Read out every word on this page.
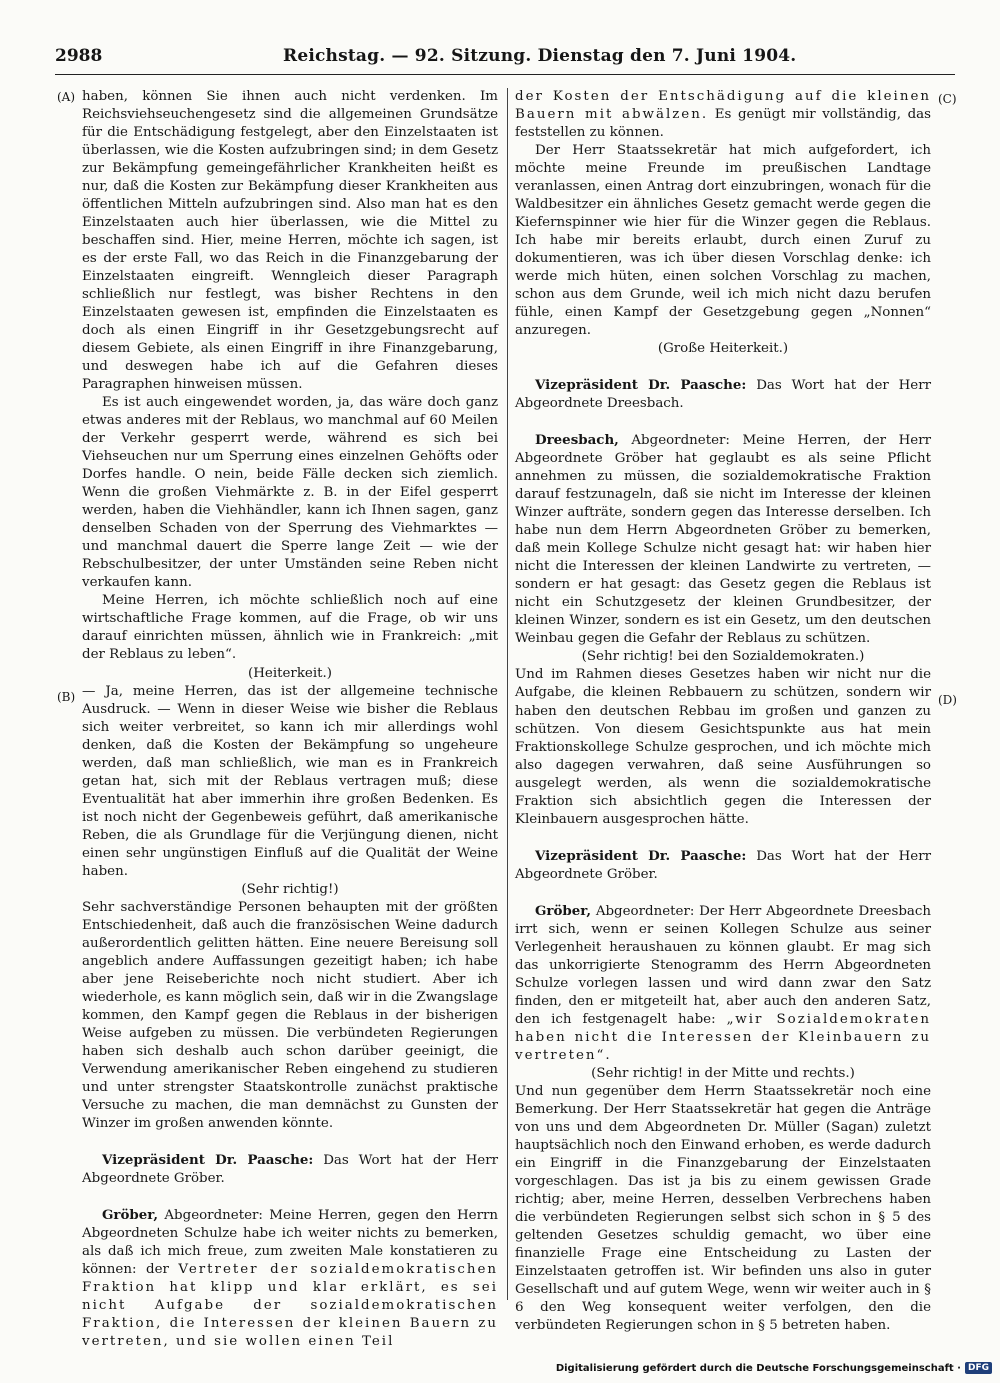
2988	Reichstag. — 92. Sitzung. Dienstag den 7. Juni 1904.
(A)
(B)
(C)
(D)

haben, können Sie ihnen auch nicht verdenken. Im Reichsviehseuchengesetz sind die allgemeinen Grundsätze für die Entschädigung festgelegt, aber den Einzelstaaten ist überlassen, wie die Kosten aufzubringen sind; in dem Gesetz zur Bekämpfung gemeingefährlicher Krankheiten heißt es nur, daß die Kosten zur Bekämpfung dieser Krankheiten aus öffentlichen Mitteln aufzubringen sind. Also man hat es den Einzelstaaten auch hier überlassen, wie die Mittel zu beschaffen sind. Hier, meine Herren, möchte ich sagen, ist es der erste Fall, wo das Reich in die Finanzgebarung der Einzelstaaten eingreift. Wenngleich dieser Paragraph schließlich nur festlegt, was bisher Rechtens in den Einzelstaaten gewesen ist, empfinden die Einzelstaaten es doch als einen Eingriff in ihr Gesetzgebungsrecht auf diesem Gebiete, als einen Eingriff in ihre Finanzgebarung, und deswegen habe ich auf die Gefahren dieses Paragraphen hinweisen müssen.

Es ist auch eingewendet worden, ja, das wäre doch ganz etwas anderes mit der Reblaus, wo manchmal auf 60 Meilen der Verkehr gesperrt werde, während es sich bei Viehseuchen nur um Sperrung eines einzelnen Gehöfts oder Dorfes handle. O nein, beide Fälle decken sich ziemlich. Wenn die großen Viehmärkte z. B. in der Eifel gesperrt werden, haben die Viehhändler, kann ich Ihnen sagen, ganz denselben Schaden von der Sperrung des Viehmarktes — und manchmal dauert die Sperre lange Zeit — wie der Rebschulbesitzer, der unter Umständen seine Reben nicht verkaufen kann.

Meine Herren, ich möchte schließlich noch auf eine wirtschaftliche Frage kommen, auf die Frage, ob wir uns darauf einrichten müssen, ähnlich wie in Frankreich: „mit der Reblaus zu leben“.

(Heiterkeit.)

— Ja, meine Herren, das ist der allgemeine technische Ausdruck. — Wenn in dieser Weise wie bisher die Reblaus sich weiter verbreitet, so kann ich mir allerdings wohl denken, daß die Kosten der Bekämpfung so ungeheure werden, daß man schließlich, wie man es in Frankreich getan hat, sich mit der Reblaus vertragen muß; diese Eventualität hat aber immerhin ihre großen Bedenken. Es ist noch nicht der Gegenbeweis geführt, daß amerikanische Reben, die als Grundlage für die Verjüngung dienen, nicht einen sehr ungünstigen Einfluß auf die Qualität der Weine haben.

(Sehr richtig!)

Sehr sachverständige Personen behaupten mit der größten Entschiedenheit, daß auch die französischen Weine dadurch außerordentlich gelitten hätten. Eine neuere Bereisung soll angeblich andere Auffassungen gezeitigt haben; ich habe aber jene Reiseberichte noch nicht studiert. Aber ich wiederhole, es kann möglich sein, daß wir in die Zwangslage kommen, den Kampf gegen die Reblaus in der bisherigen Weise aufgeben zu müssen. Die verbündeten Regierungen haben sich deshalb auch schon darüber geeinigt, die Verwendung amerikanischer Reben eingehend zu studieren und unter strengster Staatskontrolle zunächst praktische Versuche zu machen, die man demnächst zu Gunsten der Winzer im großen anwenden könnte.

Vizepräsident Dr. Paasche: Das Wort hat der Herr Abgeordnete Gröber.

Gröber, Abgeordneter: Meine Herren, gegen den Herrn Abgeordneten Schulze habe ich weiter nichts zu bemerken, als daß ich mich freue, zum zweiten Male konstatieren zu können: der Vertreter der sozialdemokratischen Fraktion hat klipp und klar erklärt, es sei nicht Aufgabe der sozialdemokratischen Fraktion, die Interessen der kleinen Bauern zu vertreten, und sie wollen einen Teil

der Kosten der Entschädigung auf die kleinen Bauern mit abwälzen. Es genügt mir vollständig, das feststellen zu können.

Der Herr Staatssekretär hat mich aufgefordert, ich möchte meine Freunde im preußischen Landtage veranlassen, einen Antrag dort einzubringen, wonach für die Waldbesitzer ein ähnliches Gesetz gemacht werde gegen die Kiefernspinner wie hier für die Winzer gegen die Reblaus. Ich habe mir bereits erlaubt, durch einen Zuruf zu dokumentieren, was ich über diesen Vorschlag denke: ich werde mich hüten, einen solchen Vorschlag zu machen, schon aus dem Grunde, weil ich mich nicht dazu berufen fühle, einen Kampf der Gesetzgebung gegen „Nonnen“ anzuregen.

(Große Heiterkeit.)

Vizepräsident Dr. Paasche: Das Wort hat der Herr Abgeordnete Dreesbach.

Dreesbach, Abgeordneter: Meine Herren, der Herr Abgeordnete Gröber hat geglaubt es als seine Pflicht annehmen zu müssen, die sozialdemokratische Fraktion darauf festzunageln, daß sie nicht im Interesse der kleinen Winzer aufträte, sondern gegen das Interesse derselben. Ich habe nun dem Herrn Abgeordneten Gröber zu bemerken, daß mein Kollege Schulze nicht gesagt hat: wir haben hier nicht die Interessen der kleinen Landwirte zu vertreten, — sondern er hat gesagt: das Gesetz gegen die Reblaus ist nicht ein Schutzgesetz der kleinen Grundbesitzer, der kleinen Winzer, sondern es ist ein Gesetz, um den deutschen Weinbau gegen die Gefahr der Reblaus zu schützen.

(Sehr richtig! bei den Sozialdemokraten.)

Und im Rahmen dieses Gesetzes haben wir nicht nur die Aufgabe, die kleinen Rebbauern zu schützen, sondern wir haben den deutschen Rebbau im großen und ganzen zu schützen. Von diesem Gesichtspunkte aus hat mein Fraktionskollege Schulze gesprochen, und ich möchte mich also dagegen verwahren, daß seine Ausführungen so ausgelegt werden, als wenn die sozialdemokratische Fraktion sich absichtlich gegen die Interessen der Kleinbauern ausgesprochen hätte.

Vizepräsident Dr. Paasche: Das Wort hat der Herr Abgeordnete Gröber.

Gröber, Abgeordneter: Der Herr Abgeordnete Dreesbach irrt sich, wenn er seinen Kollegen Schulze aus seiner Verlegenheit heraushauen zu können glaubt. Er mag sich das unkorrigierte Stenogramm des Herrn Abgeordneten Schulze vorlegen lassen und wird dann zwar den Satz finden, den er mitgeteilt hat, aber auch den anderen Satz, den ich festgenagelt habe: „wir Sozialdemokraten haben nicht die Interessen der Kleinbauern zu vertreten“.

(Sehr richtig! in der Mitte und rechts.)

Und nun gegenüber dem Herrn Staatssekretär noch eine Bemerkung. Der Herr Staatssekretär hat gegen die Anträge von uns und dem Abgeordneten Dr. Müller (Sagan) zuletzt hauptsächlich noch den Einwand erhoben, es werde dadurch ein Eingriff in die Finanzgebarung der Einzelstaaten vorgeschlagen. Das ist ja bis zu einem gewissen Grade richtig; aber, meine Herren, desselben Verbrechens haben die verbündeten Regierungen selbst sich schon in § 5 des geltenden Gesetzes schuldig gemacht, wo über eine finanzielle Frage eine Entscheidung zu Lasten der Einzelstaaten getroffen ist. Wir befinden uns also in guter Gesellschaft und auf gutem Wege, wenn wir weiter auch in § 6 den Weg konsequent weiter verfolgen, den die verbündeten Regierungen schon in § 5 betreten haben.

Digitalisierung gefördert durch die Deutsche Forschungsgemeinschaft · DFG
